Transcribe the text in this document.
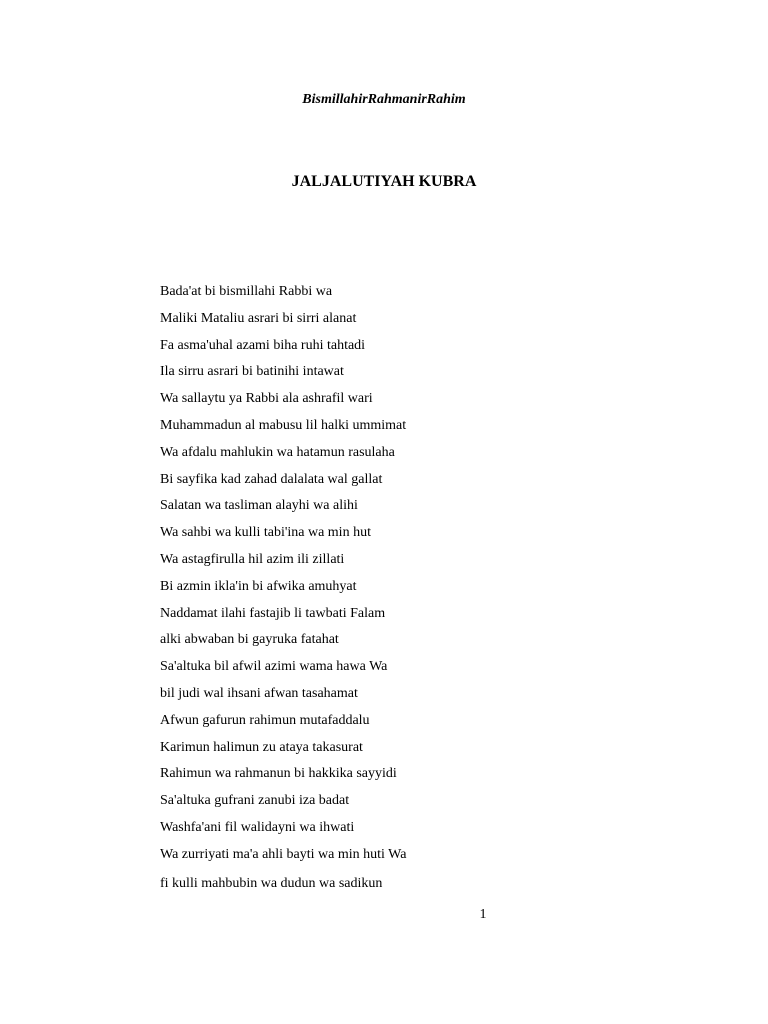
BismillahirRahmanirRahim
JALJALUTIYAH KUBRA
Bada'at bi bismillahi Rabbi wa
Maliki Mataliu asrari bi sirri alanat
Fa asma'uhal azami biha ruhi tahtadi
Ila sirru asrari bi batinihi intawat
Wa sallaytu ya Rabbi ala ashrafil wari
Muhammadun al mabusu lil halki ummimat
Wa afdalu mahlukin wa hatamun rasulaha
Bi sayfika kad zahad dalalata wal gallat
Salatan wa tasliman alayhi wa alihi
Wa sahbi wa kulli tabi'ina wa min hut
Wa astagfirulla hil azim ili zillati
Bi azmin ikla'in bi afwika amuhyat
Naddamat ilahi fastajib li tawbati Falam
alki abwaban bi gayruka fatahat
Sa'altuka bil afwil azimi wama hawa Wa
bil judi wal ihsani afwan tasahamat
Afwun gafurun rahimun mutafaddalu
Karimun halimun zu ataya takasurat
Rahimun wa rahmanun bi hakkika sayyidi
Sa'altuka gufrani zanubi iza badat
Washfa'ani fil walidayni wa ihwati
Wa zurriyati ma'a ahli bayti wa min huti Wa
fi kulli mahbubin wa dudun wa sadikun
1
